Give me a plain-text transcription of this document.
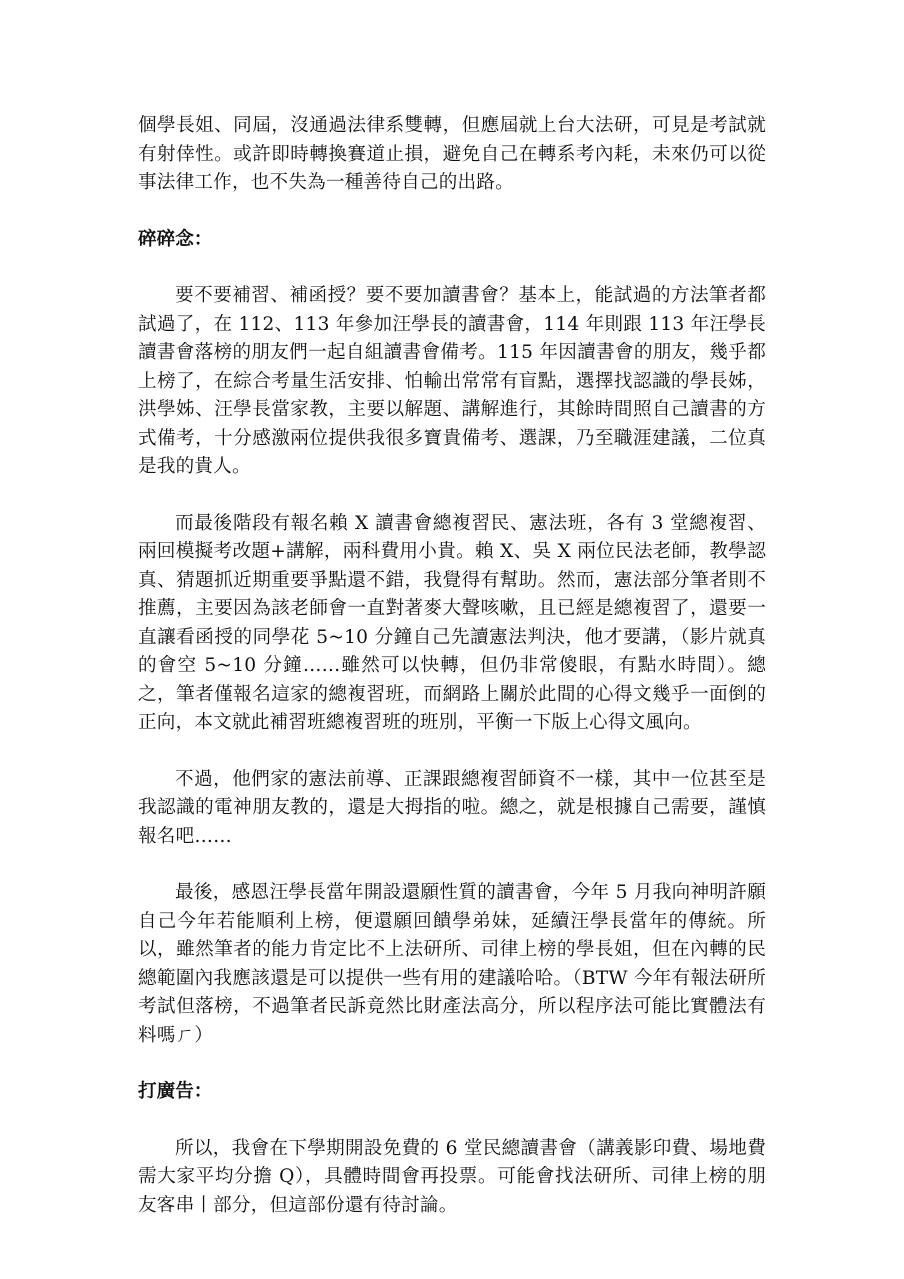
個學長姐、同屆，沒通過法律系雙轉，但應屆就上台大法研，可見是考試就有射倖性。或許即時轉換賽道止損，避免自己在轉系考內耗，未來仍可以從事法律工作，也不失為一種善待自己的出路。

碎碎念：

要不要補習、補函授？要不要加讀書會？基本上，能試過的方法筆者都試過了，在 112、113 年參加汪學長的讀書會，114 年則跟 113 年汪學長讀書會落榜的朋友們一起自組讀書會備考。115 年因讀書會的朋友，幾乎都上榜了，在綜合考量生活安排、怕輸出常常有盲點，選擇找認識的學長姊，洪學姊、汪學長當家教，主要以解題、講解進行，其餘時間照自己讀書的方式備考，十分感激兩位提供我很多寶貴備考、選課，乃至職涯建議，二位真是我的貴人。

而最後階段有報名賴 X 讀書會總複習民、憲法班，各有 3 堂總複習、兩回模擬考改題+講解，兩科費用小貴。賴 X、吳 X 兩位民法老師，教學認真、猜題抓近期重要爭點還不錯，我覺得有幫助。然而，憲法部分筆者則不推薦，主要因為該老師會一直對著麥大聲咳嗽，且已經是總複習了，還要一直讓看函授的同學花 5~10 分鐘自己先讀憲法判決，他才要講，（影片就真的會空 5~10 分鐘……雖然可以快轉，但仍非常傻眼，有點水時間）。總之，筆者僅報名這家的總複習班，而網路上關於此間的心得文幾乎一面倒的正向，本文就此補習班總複習班的班別，平衡一下版上心得文風向。

不過，他們家的憲法前導、正課跟總複習師資不一樣，其中一位甚至是我認識的電神朋友教的，還是大拇指的啦。總之，就是根據自己需要，謹慎報名吧……

最後，感恩汪學長當年開設還願性質的讀書會，今年 5 月我向神明許願自己今年若能順利上榜，便還願回饋學弟妹，延續汪學長當年的傳統。所以，雖然筆者的能力肯定比不上法研所、司律上榜的學長姐，但在內轉的民總範圍內我應該還是可以提供一些有用的建議哈哈。（BTW 今年有報法研所考試但落榜，不過筆者民訴竟然比財產法高分，所以程序法可能比實體法有料嗎ㄏ）

打廣告：

所以，我會在下學期開設免費的 6 堂民總讀書會（講義影印費、場地費需大家平均分擔 Q），具體時間會再投票。可能會找法研所、司律上榜的朋友客串丨部分，但這部份還有待討論。
